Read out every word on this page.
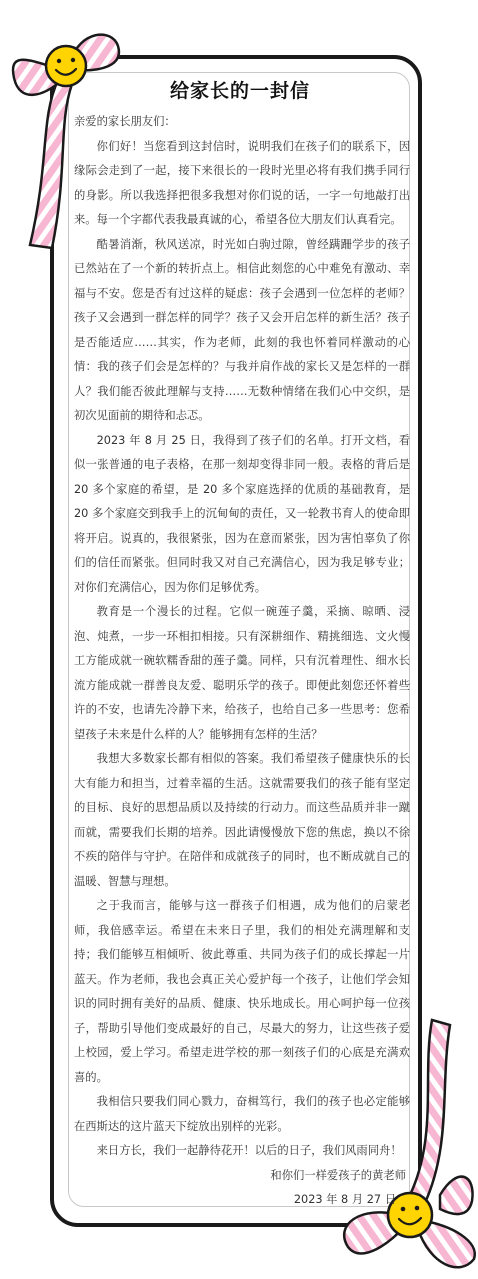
给家长的一封信

亲爱的家长朋友们：

你们好！当您看到这封信时，说明我们在孩子们的联系下，因缘际会走到了一起，接下来很长的一段时光里必将有我们携手同行的身影。所以我选择把很多我想对你们说的话，一字一句地敲打出来。每一个字都代表我最真诚的心，希望各位大朋友们认真看完。

酷暑消渐，秋风送凉，时光如白驹过隙，曾经蹒跚学步的孩子已然站在了一个新的转折点上。相信此刻您的心中难免有激动、幸福与不安。您是否有过这样的疑虑：孩子会遇到一位怎样的老师？孩子又会遇到一群怎样的同学？孩子又会开启怎样的新生活？孩子是否能适应……其实，作为老师，此刻的我也怀着同样激动的心情：我的孩子们会是怎样的？与我并肩作战的家长又是怎样的一群人？我们能否彼此理解与支持……无数种情绪在我们心中交织，是初次见面前的期待和忐忑。

2023 年 8 月 25 日，我得到了孩子们的名单。打开文档，看似一张普通的电子表格，在那一刻却变得非同一般。表格的背后是 20 多个家庭的希望，是 20 多个家庭选择的优质的基础教育，是 20 多个家庭交到我手上的沉甸甸的责任，又一轮教书育人的使命即将开启。说真的，我很紧张，因为在意而紧张，因为害怕辜负了你们的信任而紧张。但同时我又对自己充满信心，因为我足够专业；对你们充满信心，因为你们足够优秀。

教育是一个漫长的过程。它似一碗莲子羹，采摘、晾晒、浸泡、炖煮，一步一环相扣相接。只有深耕细作、精挑细选、文火慢工方能成就一碗软糯香甜的莲子羹。同样，只有沉着理性、细水长流方能成就一群善良友爱、聪明乐学的孩子。即便此刻您还怀着些许的不安，也请先冷静下来，给孩子，也给自己多一些思考：您希望孩子未来是什么样的人？能够拥有怎样的生活？

我想大多数家长都有相似的答案。我们希望孩子健康快乐的长大有能力和担当，过着幸福的生活。这就需要我们的孩子能有坚定的目标、良好的思想品质以及持续的行动力。而这些品质并非一蹴而就，需要我们长期的培养。因此请慢慢放下您的焦虑，换以不徐不疾的陪伴与守护。在陪伴和成就孩子的同时，也不断成就自己的温暖、智慧与理想。

之于我而言，能够与这一群孩子们相遇，成为他们的启蒙老师，我倍感幸运。希望在未来日子里，我们的相处充满理解和支持；我们能够互相倾听、彼此尊重、共同为孩子们的成长撑起一片蓝天。作为老师，我也会真正关心爱护每一个孩子，让他们学会知识的同时拥有美好的品质、健康、快乐地成长。用心呵护每一位孩子，帮助引导他们变成最好的自己，尽最大的努力，让这些孩子爱上校园，爱上学习。希望走进学校的那一刻孩子们的心底是充满欢喜的。

我相信只要我们同心戮力，奋楫笃行，我们的孩子也必定能够在西斯达的这片蓝天下绽放出别样的光彩。

来日方长，我们一起静待花开！以后的日子，我们风雨同舟！

和你们一样爱孩子的黄老师

2023 年 8 月 27 日
